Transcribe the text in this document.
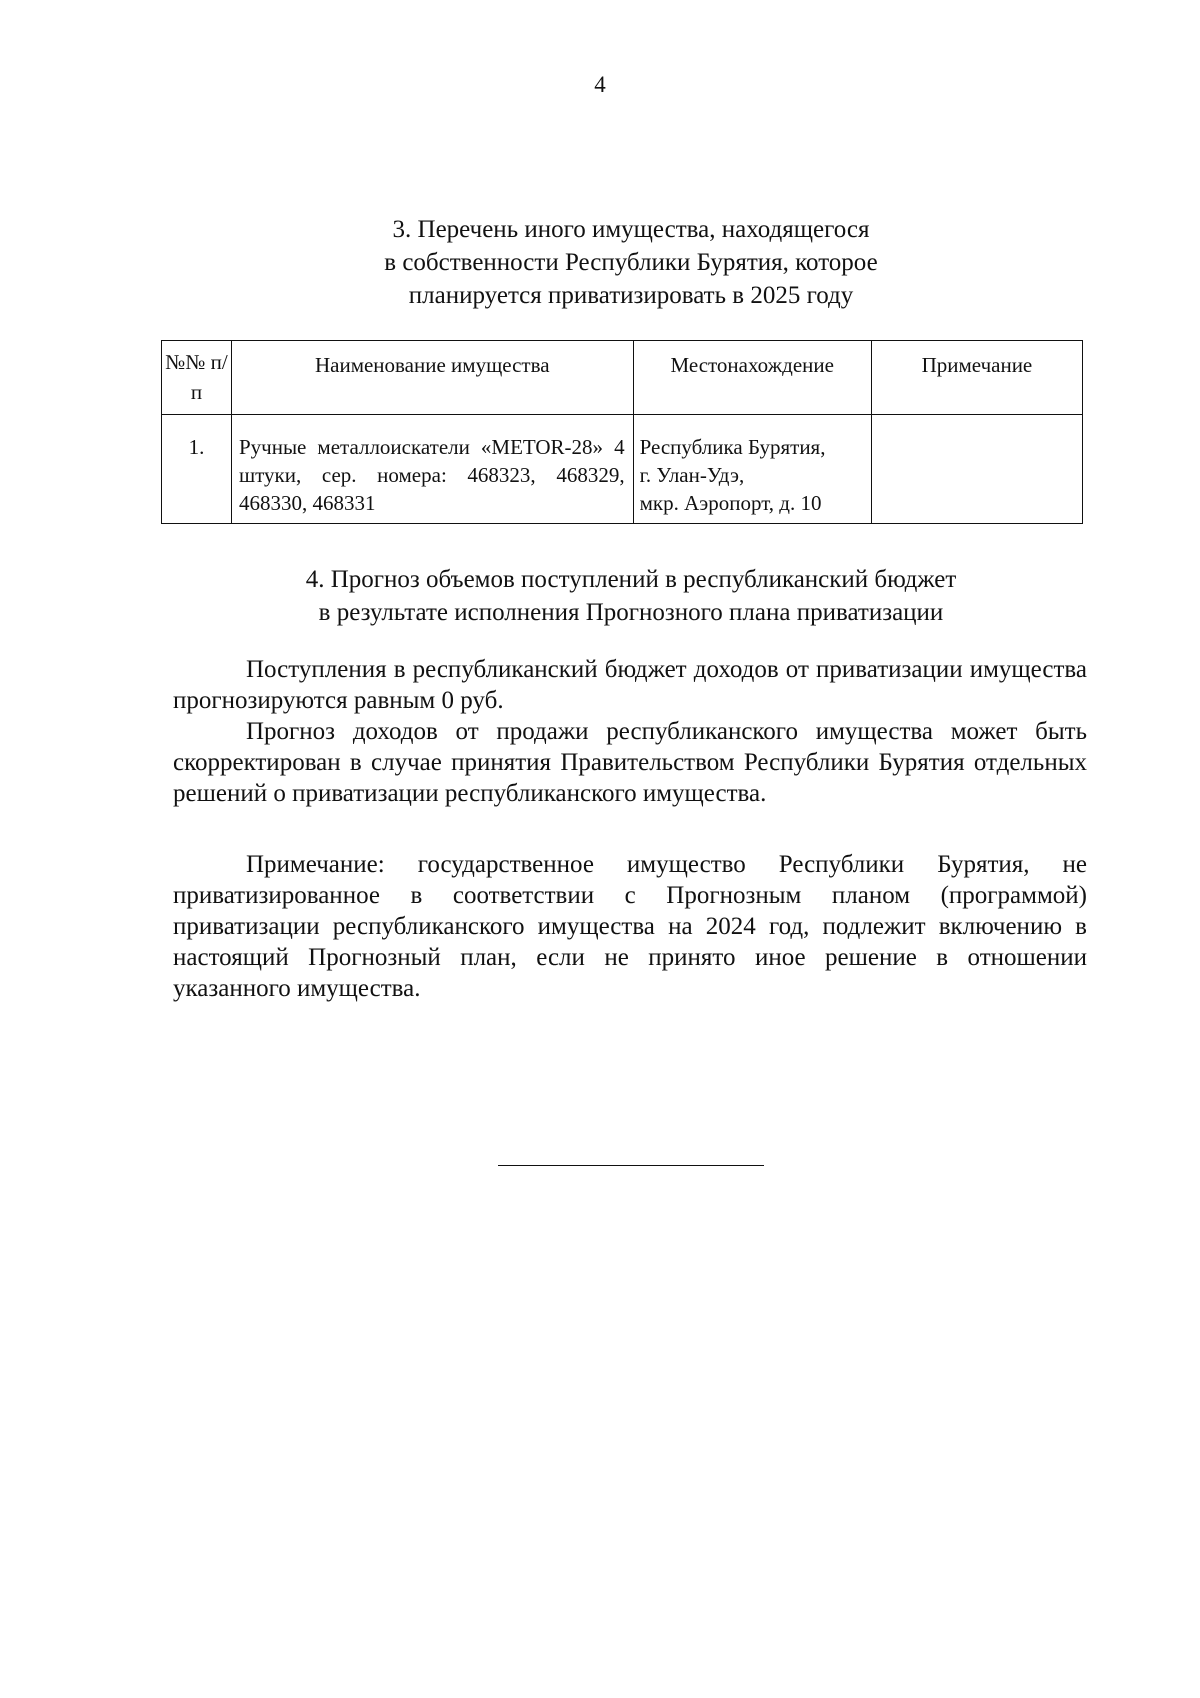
4
3. Перечень иного имущества, находящегося
в собственности Республики Бурятия, которое
планируется приватизировать в 2025 году
№№ п/п	Наименование имущества	Местонахождение	Примечание
1.	Ручные металлоискатели «METOR-28» 4 штуки, сер. номера: 468323, 468329, 468330, 468331	Республика Бурятия,
г. Улан-Удэ,
мкр. Аэропорт, д. 10	

4. Прогноз объемов поступлений в республиканский бюджет
в результате исполнения Прогнозного плана приватизации

Поступления в республиканский бюджет доходов от приватизации имущества прогнозируются равным 0 руб.

Прогноз доходов от продажи республиканского имущества может быть скорректирован в случае принятия Правительством Республики Бурятия отдельных решений о приватизации республиканского имущества.

Примечание: государственное имущество Республики Бурятия, не приватизированное в соответствии с Прогнозным планом (программой) приватизации республиканского имущества на 2024 год, подлежит включению в настоящий Прогнозный план, если не принято иное решение в отношении указанного имущества.
